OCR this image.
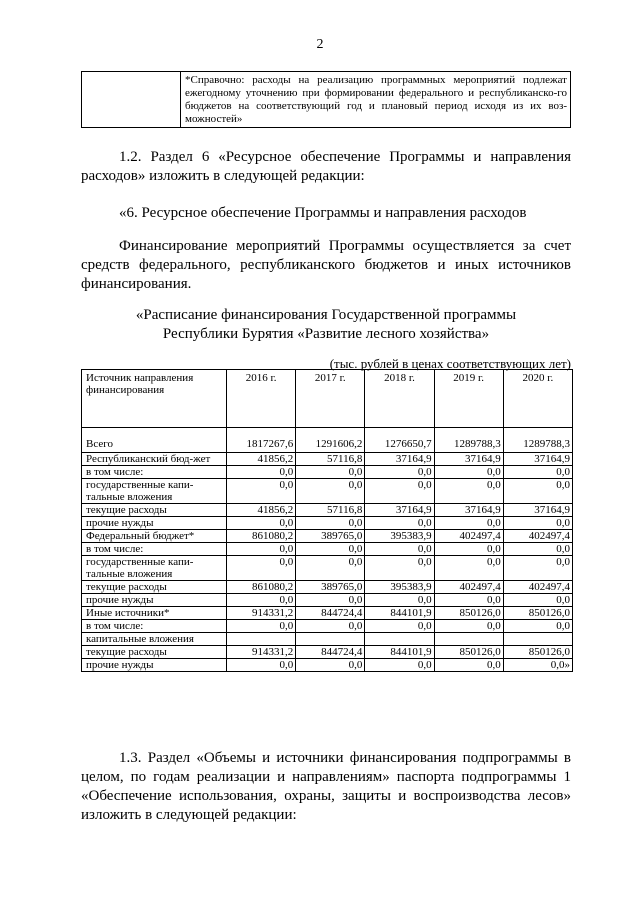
2
	*Справочно: расходы на реализацию программных мероприятий подлежат ежегодному уточнению при формировании федерального и республиканско-го бюджетов на соответствующий год и плановый период исходя из их воз-можностей»
1.2. Раздел 6 «Ресурсное обеспечение Программы и направления расходов» изложить в следующей редакции:
«6. Ресурсное обеспечение Программы и направления расходов
Финансирование мероприятий Программы осуществляется за счет средств федерального, республиканского бюджетов и иных источников финансирования.
«Расписание финансирования Государственной программы
Республики Бурятия «Развитие лесного хозяйства»
(тыс. рублей в ценах соответствующих лет)
Источник направления финансирования	2016 г.	2017 г.	2018 г.	2019 г.	2020 г.
Всего	1817267,6	1291606,2	1276650,7	1289788,3	1289788,3
Республиканский бюд-жет	41856,2	57116,8	37164,9	37164,9	37164,9
в том числе:	0,0	0,0	0,0	0,0	0,0
государственные капи-тальные вложения	0,0	0,0	0,0	0,0	0,0
текущие расходы	41856,2	57116,8	37164,9	37164,9	37164,9
прочие нужды	0,0	0,0	0,0	0,0	0,0
Федеральный бюджет*	861080,2	389765,0	395383,9	402497,4	402497,4
в том числе:	0,0	0,0	0,0	0,0	0,0
государственные капи-тальные вложения	0,0	0,0	0,0	0,0	0,0
текущие расходы	861080,2	389765,0	395383,9	402497,4	402497,4
прочие нужды	0,0	0,0	0,0	0,0	0,0
Иные источники*	914331,2	844724,4	844101,9	850126,0	850126,0
в том числе:	0,0	0,0	0,0	0,0	0,0
капитальные вложения					
текущие расходы	914331,2	844724,4	844101,9	850126,0	850126,0
прочие нужды	0,0	0,0	0,0	0,0	0,0»
1.3. Раздел «Объемы и источники финансирования подпрограммы в целом, по годам реализации и направлениям» паспорта подпрограммы 1 «Обеспечение использования, охраны, защиты и воспроизводства лесов» изложить в следующей редакции:
